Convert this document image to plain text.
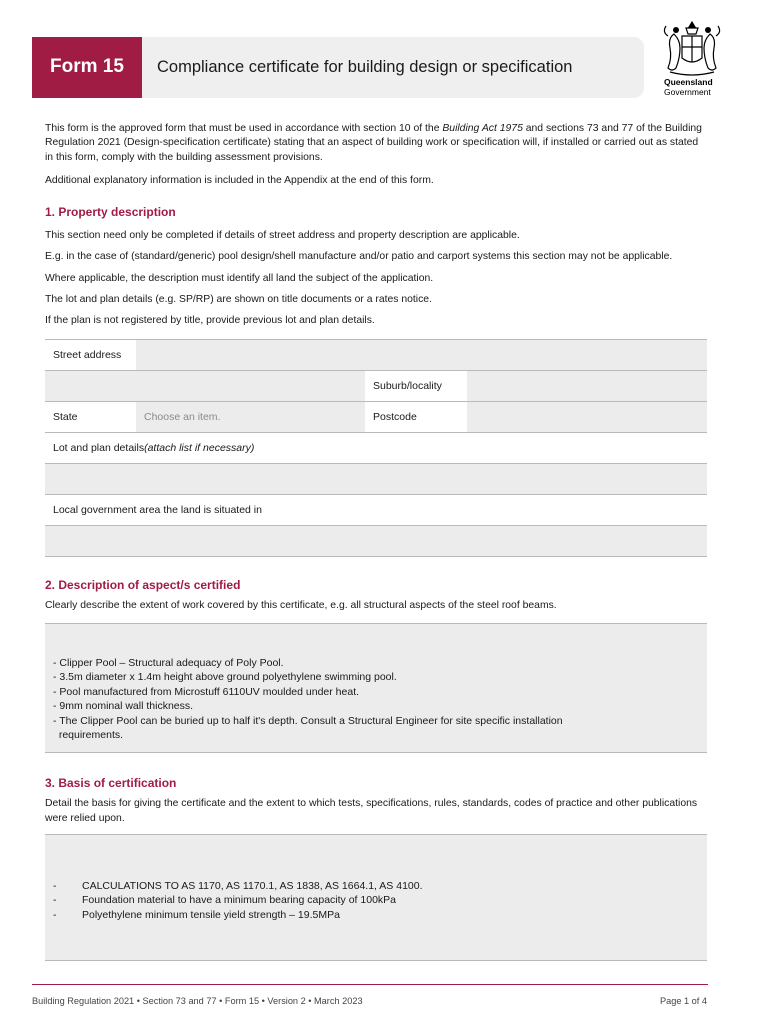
Form 15	Compliance certificate for building design or specification
Queensland
Government

This form is the approved form that must be used in accordance with section 10 of the Building Act 1975 and sections 73 and 77 of the Building Regulation 2021 (Design-specification certificate) stating that an aspect of building work or specification will, if installed or carried out as stated in this form, comply with the building assessment provisions.

Additional explanatory information is included in the Appendix at the end of this form.

1. Property description

This section need only be completed if details of street address and property description are applicable.

E.g. in the case of (standard/generic) pool design/shell manufacture and/or patio and carport systems this section may not be applicable.

Where applicable, the description must identify all land the subject of the application.

The lot and plan details (e.g. SP/RP) are shown on title documents or a rates notice.

If the plan is not registered by title, provide previous lot and plan details.

Street address
Suburb/locality
State	Choose an item.	Postcode
Lot and plan details (attach list if necessary)
Local government area the land is situated in
2. Description of aspect/s certified

Clearly describe the extent of work covered by this certificate, e.g. all structural aspects of the steel roof beams.

- Clipper Pool – Structural adequacy of Poly Pool.
- 3.5m diameter x 1.4m height above ground polyethylene swimming pool.
- Pool manufactured from Microstuff 6110UV moulded under heat.
- 9mm nominal wall thickness.
- The Clipper Pool can be buried up to half it's depth. Consult a Structural Engineer for site specific installation
requirements.
3. Basis of certification

Detail the basis for giving the certificate and the extent to which tests, specifications, rules, standards, codes of practice and other publications were relied upon.

-	CALCULATIONS TO AS 1170, AS 1170.1, AS 1838, AS 1664.1, AS 4100.
-	Foundation material to have a minimum bearing capacity of 100kPa
-	Polyethylene minimum tensile yield strength – 19.5MPa
Building Regulation 2021 • Section 73 and 77 • Form 15 • Version 2 • March 2023	Page 1 of 4
